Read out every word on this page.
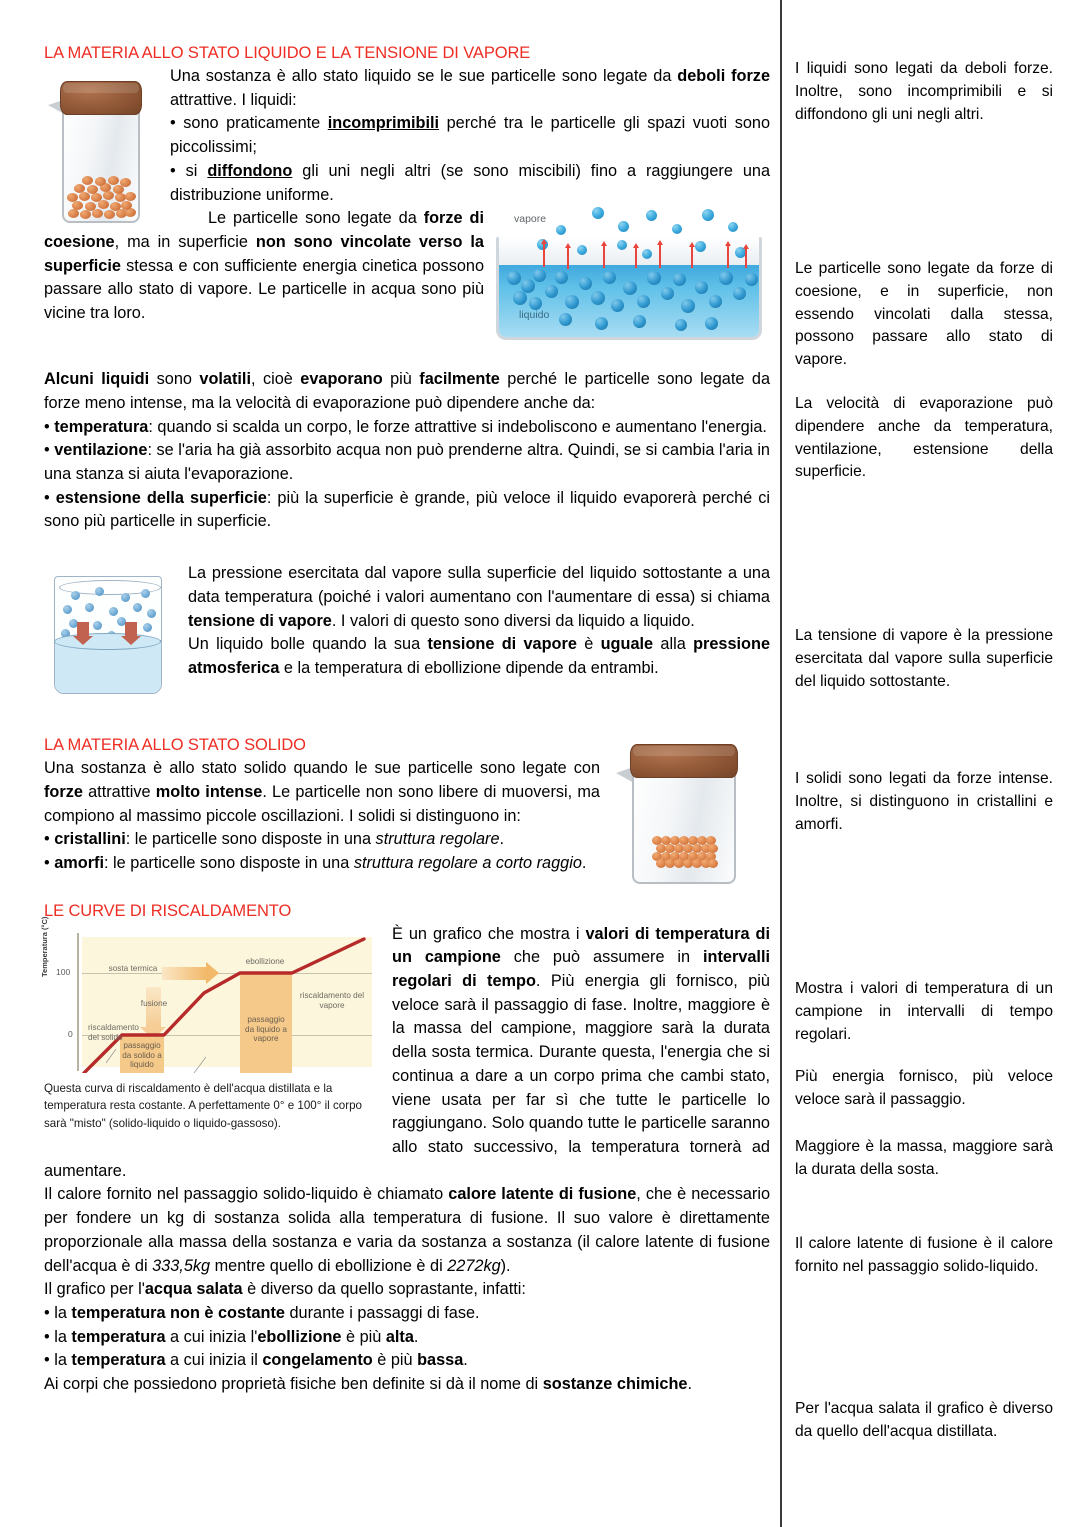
LA MATERIA ALLO STATO LIQUIDO E LA TENSIONE DI VAPORE

Una sostanza è allo stato liquido se le sue particelle sono legate da deboli forze attrattive. I liquidi:

• sono praticamente incomprimibili perché tra le particelle gli spazi vuoti sono piccolissimi;

• si diffondono gli uni negli altri (se sono miscibili) fino a raggiungere una distribuzione uniforme.

vapore
liquido

Le particelle sono legate da forze di coesione, ma in superficie non sono vincolate verso la superficie stessa e con sufficiente energia cinetica possono passare allo stato di vapore. Le particelle in acqua sono più vicine tra loro.

Alcuni liquidi sono volatili, cioè evaporano più facilmente perché le particelle sono legate da forze meno intense, ma la velocità di evaporazione può dipendere anche da:

• temperatura: quando si scalda un corpo, le forze attrattive si indeboliscono e aumentano l'energia.

• ventilazione: se l'aria ha già assorbito acqua non può prenderne altra. Quindi, se si cambia l'aria in una stanza si aiuta l'evaporazione.

• estensione della superficie: più la superficie è grande, più veloce il liquido evaporerà perché ci sono più particelle in superficie.

La pressione esercitata dal vapore sulla superficie del liquido sottostante a una data temperatura (poiché i valori aumentano con l'aumentare di essa) si chiama tensione di vapore. I valori di questo sono diversi da liquido a liquido.

Un liquido bolle quando la sua tensione di vapore è uguale alla pressione atmosferica e la temperatura di ebollizione dipende da entrambi.

LA MATERIA ALLO STATO SOLIDO

Una sostanza è allo stato solido quando le sue particelle sono legate con forze attrattive molto intense. Le particelle non sono libere di muoversi, ma compiono al massimo piccole oscillazioni. I solidi si distinguono in:

• cristallini: le particelle sono disposte in una struttura regolare.

• amorfi: le particelle sono disposte in una struttura regolare a corto raggio.

LE CURVE DI RISCALDAMENTO
Temperatura (°C) 100
0
riscaldamento del solido
fusione
sosta termica
ebollizione
riscaldamento del vapore
passaggio da solido a liquido
passaggio da liquido a vapore
Questa curva di riscaldamento è dell'acqua distillata e la temperatura resta costante. A perfettamente 0° e 100° il corpo sarà "misto" (solido-liquido o liquido-gassoso).

È un grafico che mostra i valori di temperatura di un campione che può assumere in intervalli regolari di tempo. Più energia gli fornisco, più veloce sarà il passaggio di fase. Inoltre, maggiore è la massa del campione, maggiore sarà la durata della sosta termica. Durante questa, l'energia che si continua a dare a un corpo prima che cambi stato, viene usata per far sì che tutte le particelle lo raggiungano. Solo quando tutte le particelle saranno allo stato successivo, la temperatura tornerà ad aumentare.

Il calore fornito nel passaggio solido-liquido è chiamato calore latente di fusione, che è necessario per fondere un kg di sostanza solida alla temperatura di fusione. Il suo valore è direttamente proporzionale alla massa della sostanza e varia da sostanza a sostanza (il calore latente di fusione dell'acqua è di 333,5kg mentre quello di ebollizione è di 2272kg).

Il grafico per l'acqua salata è diverso da quello soprastante, infatti:

• la temperatura non è costante durante i passaggi di fase.

• la temperatura a cui inizia l'ebollizione è più alta.

• la temperatura a cui inizia il congelamento è più bassa.

Ai corpi che possiedono proprietà fisiche ben definite si dà il nome di sostanze chimiche.

I liquidi sono legati da deboli forze. Inoltre, sono incomprimibili e si diffondono gli uni negli altri.
Le particelle sono legate da forze di coesione, e in superficie, non essendo vincolati dalla stessa, possono passare allo stato di vapore.
La velocità di evaporazione può dipendere anche da temperatura, ventilazione, estensione della superficie.
La tensione di vapore è la pressione esercitata dal vapore sulla superficie del liquido sottostante.
I solidi sono legati da forze intense. Inoltre, si distinguono in cristallini e amorfi.
Mostra i valori di temperatura di un campione in intervalli di tempo regolari.
Più energia fornisco, più veloce veloce sarà il passaggio.
Maggiore è la massa, maggiore sarà la durata della sosta.
Il calore latente di fusione è il calore fornito nel passaggio solido-liquido.
Per l'acqua salata il grafico è diverso da quello dell'acqua distillata.
